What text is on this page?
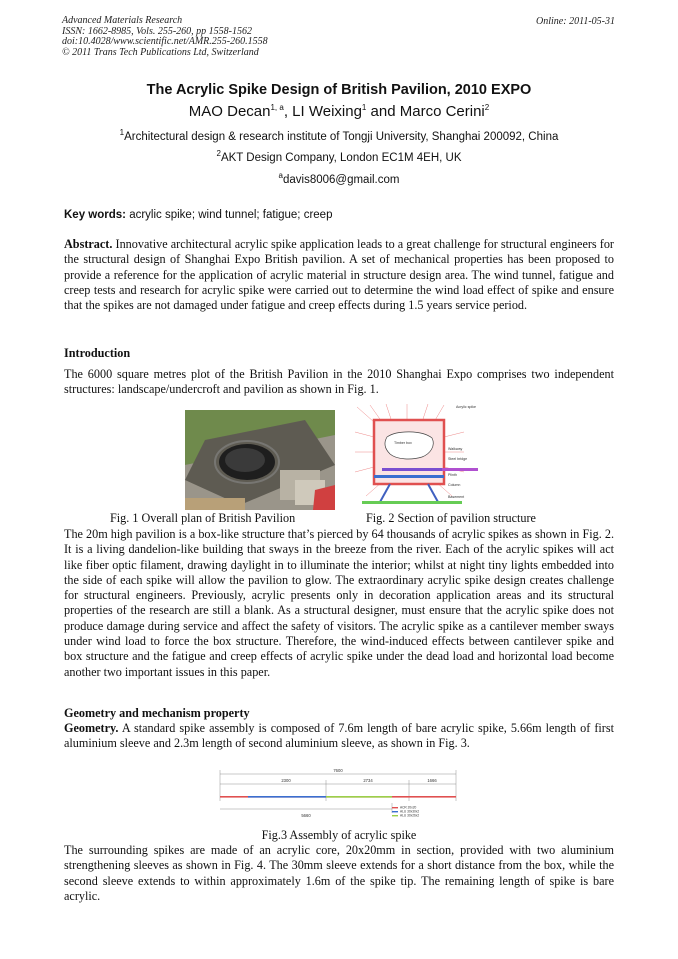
Advanced Materials Research
ISSN: 1662-8985, Vols. 255-260, pp 1558-1562
doi:10.4028/www.scientific.net/AMR.255-260.1558
© 2011 Trans Tech Publications Ltd, Switzerland
Online: 2011-05-31
The Acrylic Spike Design of British Pavilion, 2010 EXPO
MAO Decan$^{1, a}$, LI Weixing$^1$ and Marco Cerini$^2$
$^1$Architectural design & research institute of Tongji University, Shanghai 200092, China
$^2$AKT Design Company, London EC1M 4EH, UK
$^a$davis8006@gmail.com
Key words: acrylic spike; wind tunnel; fatigue; creep
Abstract. Innovative architectural acrylic spike application leads to a great challenge for structural engineers for the structural design of Shanghai Expo British pavilion. A set of mechanical properties has been proposed to provide a reference for the application of acrylic material in structure design area. The wind tunnel, fatigue and creep tests and research for acrylic spike were carried out to determine the wind load effect of spike and ensure that the spikes are not damaged under fatigue and creep effects during 1.5 years service period.
Introduction
The 6000 square metres plot of the British Pavilion in the 2010 Shanghai Expo comprises two independent structures: landscape/undercroft and pavilion as shown in Fig. 1.
Acrylic spike
Timber box
Steel bridge
Plinth
Column
Basement
Walkway
Fig. 1 Overall plan of British Pavilion	Fig. 2 Section of pavilion structure
The 20m high pavilion is a box-like structure that’s pierced by 64 thousands of acrylic spikes as shown in Fig. 2. It is a living dandelion-like building that sways in the breeze from the river. Each of the acrylic spikes will act like fiber optic filament, drawing daylight in to illuminate the interior; whilst at night tiny lights embedded into the side of each spike will allow the pavilion to glow. The extraordinary acrylic spike design creates challenge for structural engineers. Previously, acrylic presents only in decoration application areas and its structural properties of the research are still a blank. As a structural designer, must ensure that the acrylic spike does not produce damage during service and affect the safety of visitors. The acrylic spike as a cantilever member sways under wind load to force the box structure. Therefore, the wind-induced effects between cantilever spike and box structure and the fatigue and creep effects of acrylic spike under the dead load and horizontal load become another two important issues in this paper.
Geometry and mechanism property
Geometry. A standard spike assembly is composed of 7.6m length of bare acrylic spike, 5.66m length of first aluminium sleeve and 2.3m length of second aluminium sleeve, as shown in Fig. 3.
7600
2300	2734	1666
5660
ACR 20x20
ALU 30x30x2
ALU 30x26x2
Fig.3 Assembly of acrylic spike
The surrounding spikes are made of an acrylic core, 20x20mm in section, provided with two aluminium strengthening sleeves as shown in Fig. 4. The 30mm sleeve extends for a short distance from the box, while the second sleeve extends to within approximately 1.6m of the spike tip. The remaining length of spike is bare acrylic.
